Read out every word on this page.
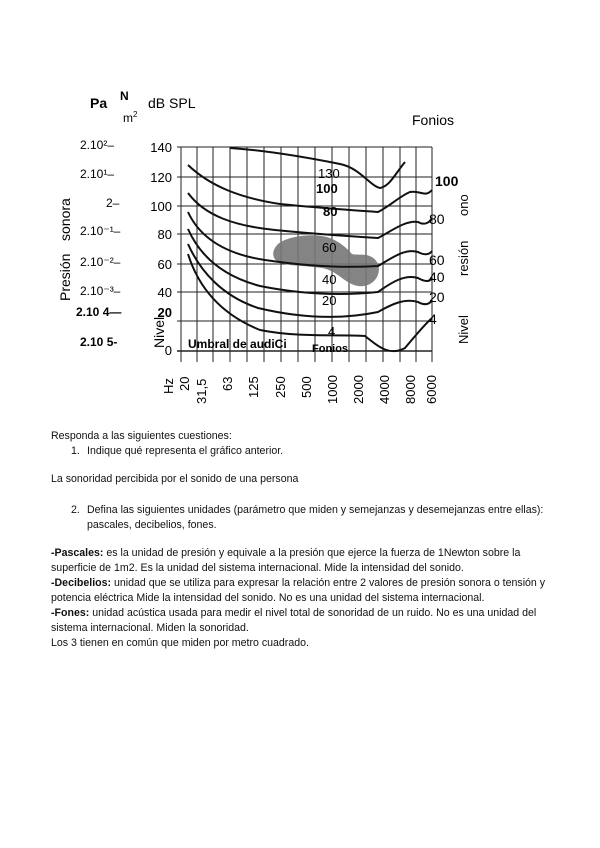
Pa N
m 2
dB SPL
Fonios
Presión
sonora
Nivel
2.10²–
2.10¹–
2–
2.10⁻¹–
2.10⁻²–
2.10⁻³–
2.10 4—
2.10 5-
140
120
100
80
60
40
20
0
130
100
80
60
40
20
4
100
80
60
40
20
4
ono
resión
Nivel
Umbral de audiCi Fonios
Hz 20 31,5 63 125 250 500 1000 2000 4000 8000 6000
Responda a las siguientes cuestiones:
1. Indique qué representa el gráfico anterior.
La sonoridad percibida por el sonido de una persona
2. Defina las siguientes unidades (parámetro que miden y semejanzas y desemejanzas entre ellas):
pascales, decibelios, fones.
-Pascales: es la unidad de presión y equivale a la presión que ejerce la fuerza de 1Newton sobre la superficie de 1m2. Es la unidad del sistema internacional. Mide la intensidad del sonido.
-Decibelios: unidad que se utiliza para expresar la relación entre 2 valores de presión sonora o tensión y potencia eléctrica Mide la intensidad del sonido. No es una unidad del sistema internacional.
-Fones: unidad acústica usada para medir el nivel total de sonoridad de un ruido. No es una unidad del sistema internacional. Miden la sonoridad.
Los 3 tienen en común que miden por metro cuadrado.
